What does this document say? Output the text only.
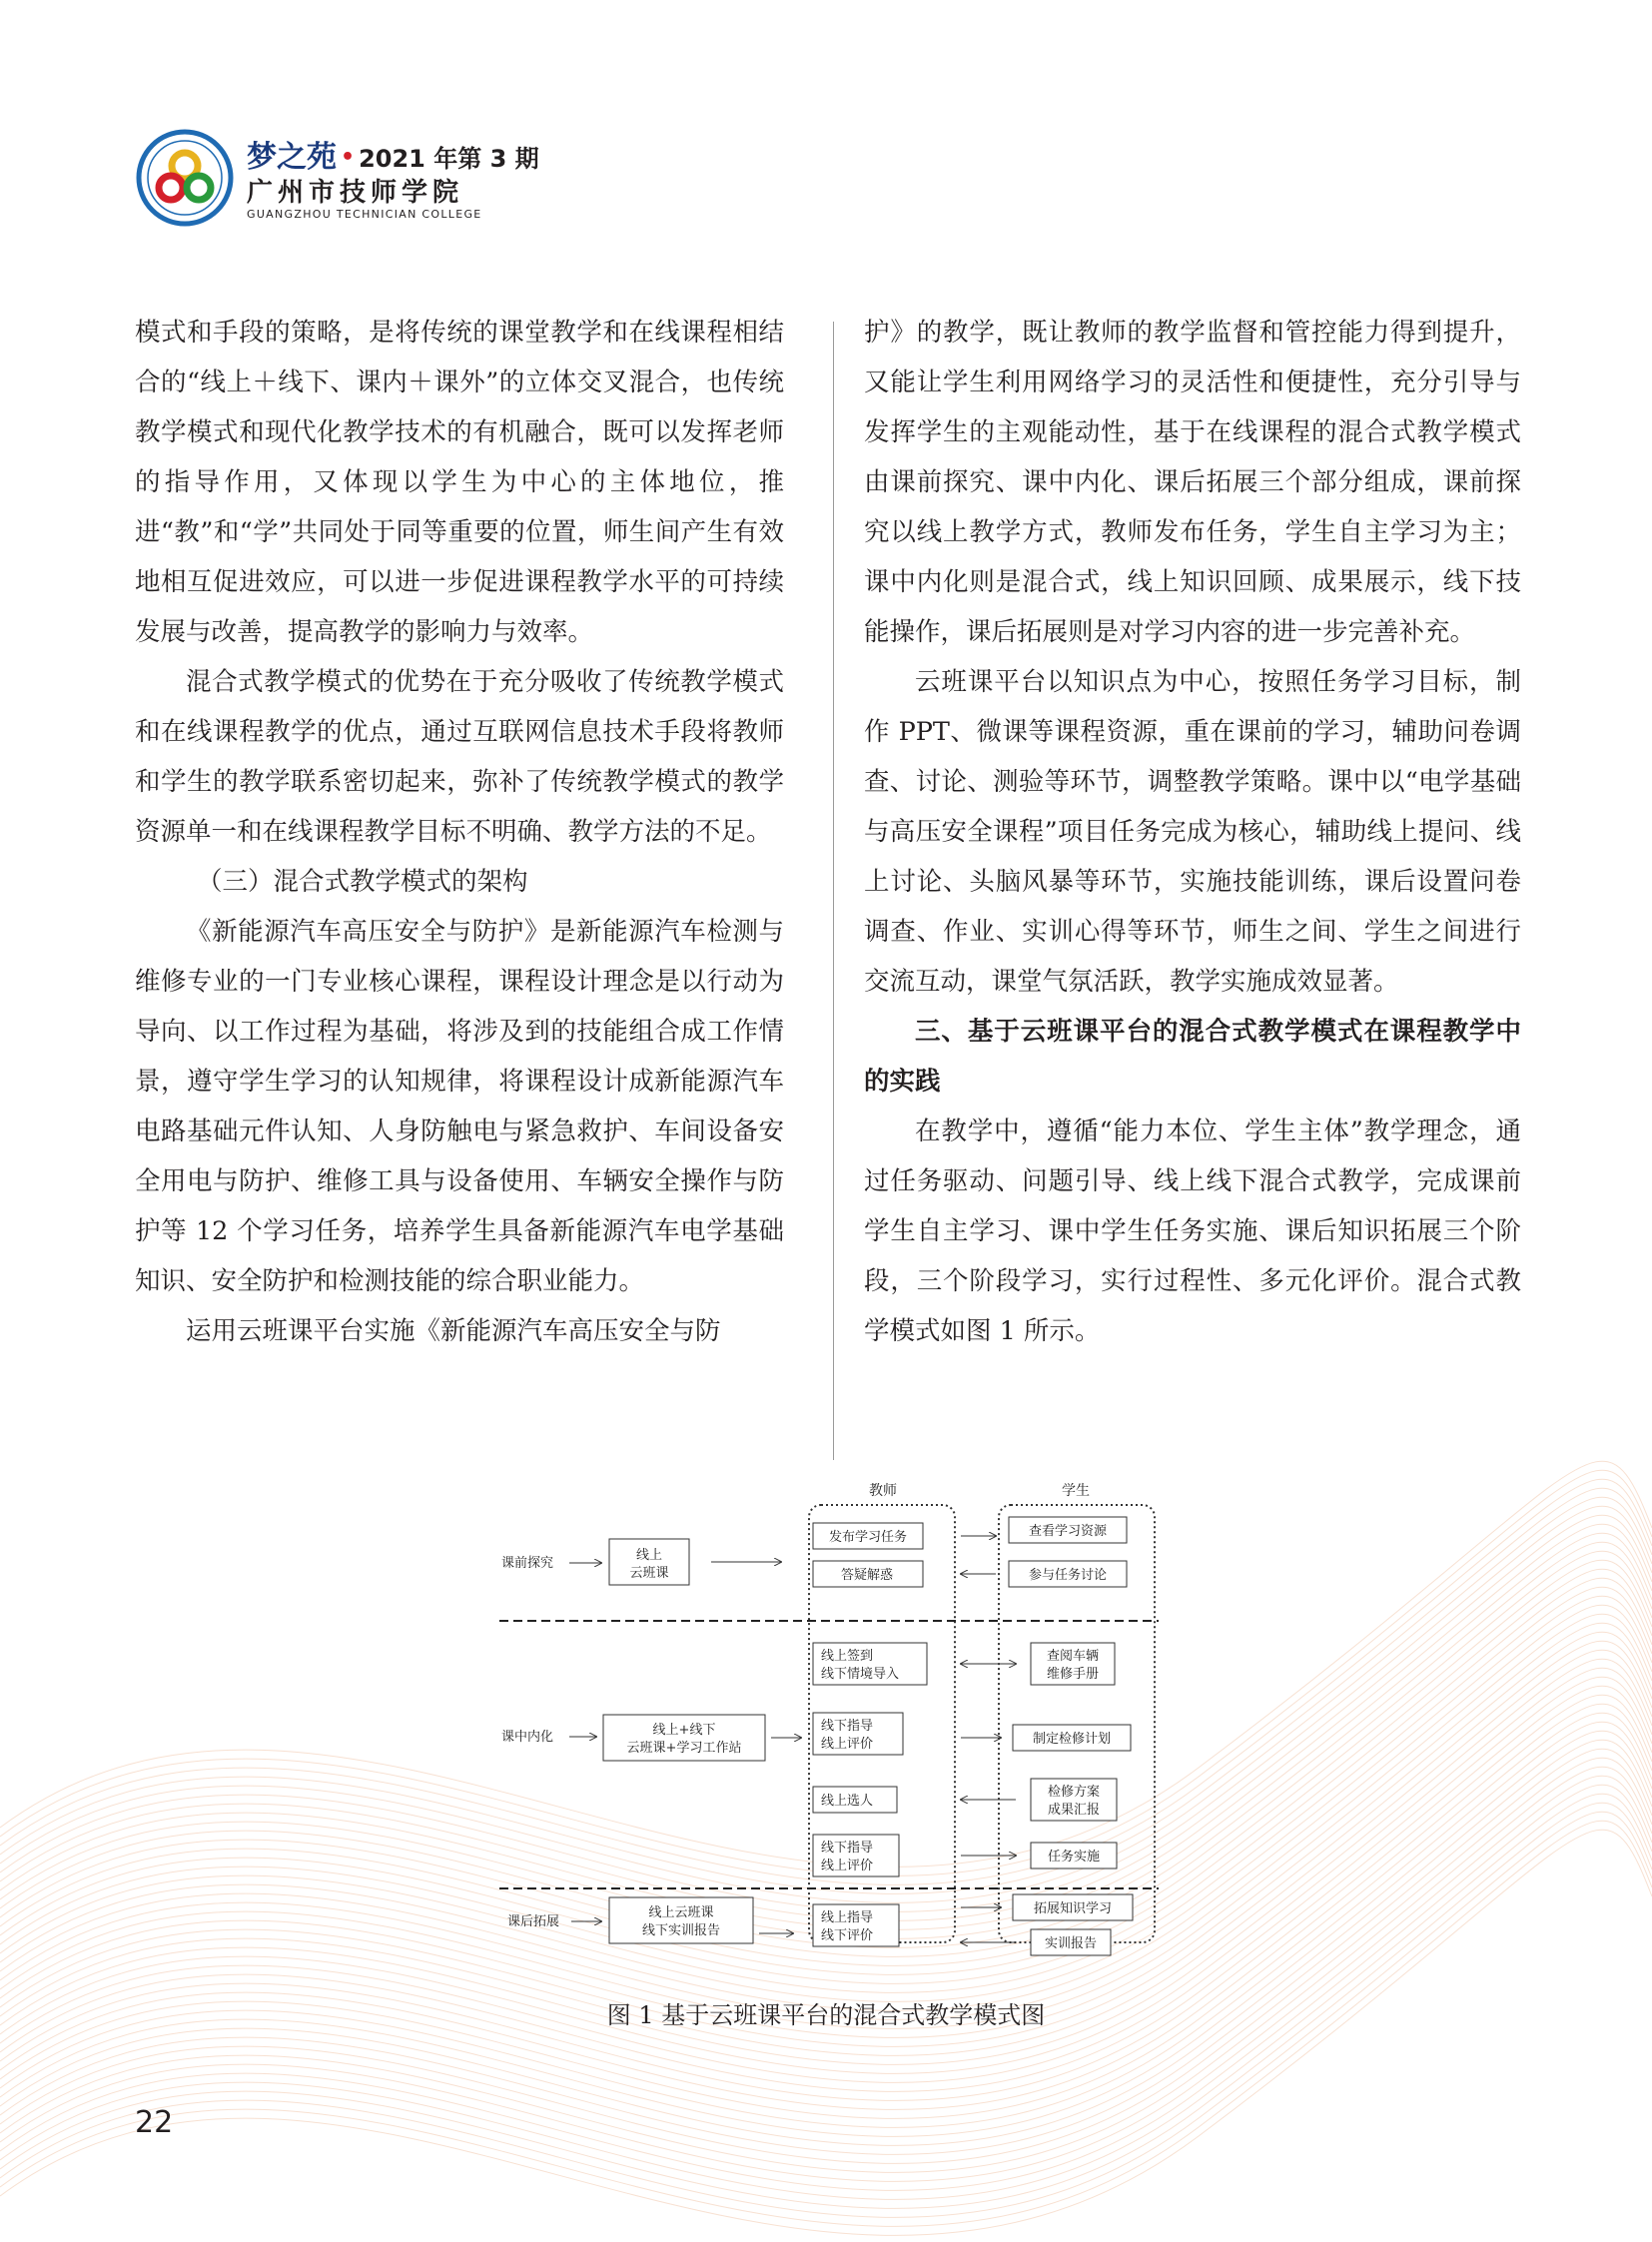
梦之苑 • 2021 年第 3 期
广州市技师学院
GUANGZHOU TECHNICIAN COLLEGE

模式和手段的策略，是将传统的课堂教学和在线课程相结合的“线上＋线下、课内＋课外”的立体交叉混合，也传统教学模式和现代化教学技术的有机融合，既可以发挥老师的指导作用，又体现以学生为中心的主体地位，推进“教”和“学”共同处于同等重要的位置，师生间产生有效地相互促进效应，可以进一步促进课程教学水平的可持续发展与改善，提高教学的影响力与效率。

混合式教学模式的优势在于充分吸收了传统教学模式和在线课程教学的优点，通过互联网信息技术手段将教师和学生的教学联系密切起来，弥补了传统教学模式的教学资源单一和在线课程教学目标不明确、教学方法的不足。

（三）混合式教学模式的架构

《新能源汽车高压安全与防护》是新能源汽车检测与维修专业的一门专业核心课程，课程设计理念是以行动为导向、以工作过程为基础，将涉及到的技能组合成工作情景，遵守学生学习的认知规律，将课程设计成新能源汽车电路基础元件认知、人身防触电与紧急救护、车间设备安全用电与防护、维修工具与设备使用、车辆安全操作与防护等 12 个学习任务，培养学生具备新能源汽车电学基础知识、安全防护和检测技能的综合职业能力。

运用云班课平台实施《新能源汽车高压安全与防

护》的教学，既让教师的教学监督和管控能力得到提升，又能让学生利用网络学习的灵活性和便捷性，充分引导与发挥学生的主观能动性，基于在线课程的混合式教学模式由课前探究、课中内化、课后拓展三个部分组成，课前探究以线上教学方式，教师发布任务，学生自主学习为主；课中内化则是混合式，线上知识回顾、成果展示，线下技能操作，课后拓展则是对学习内容的进一步完善补充。

云班课平台以知识点为中心，按照任务学习目标，制作 PPT、微课等课程资源，重在课前的学习，辅助问卷调查、讨论、测验等环节，调整教学策略。课中以“电学基础与高压安全课程”项目任务完成为核心，辅助线上提问、线上讨论、头脑风暴等环节，实施技能训练，课后设置问卷调查、作业、实训心得等环节，师生之间、学生之间进行交流互动，课堂气氛活跃，教学实施成效显著。

三、基于云班课平台的混合式教学模式在课程教学中的实践

在教学中，遵循“能力本位、学生主体”教学理念，通过任务驱动、问题引导、线上线下混合式教学，完成课前学生自主学习、课中学生任务实施、课后知识拓展三个阶段，三个阶段学习，实行过程性、多元化评价。混合式教学模式如图 1 所示。

教师	学生
课前探究
线上
云班课
课中内化	线上+线下
云班课+学习工作站
课后拓展
线上云班课
线下实训报告
发布学习任务
答疑解惑
线上签到
线下情境导入
线下指导
线上评价
线上选人
线下指导
线上评价
线上指导
线下评价
查看学习资源
参与任务讨论
查阅车辆
维修手册
制定检修计划
检修方案
成果汇报
任务实施
拓展知识学习
实训报告
图 1 基于云班课平台的混合式教学模式图
22
